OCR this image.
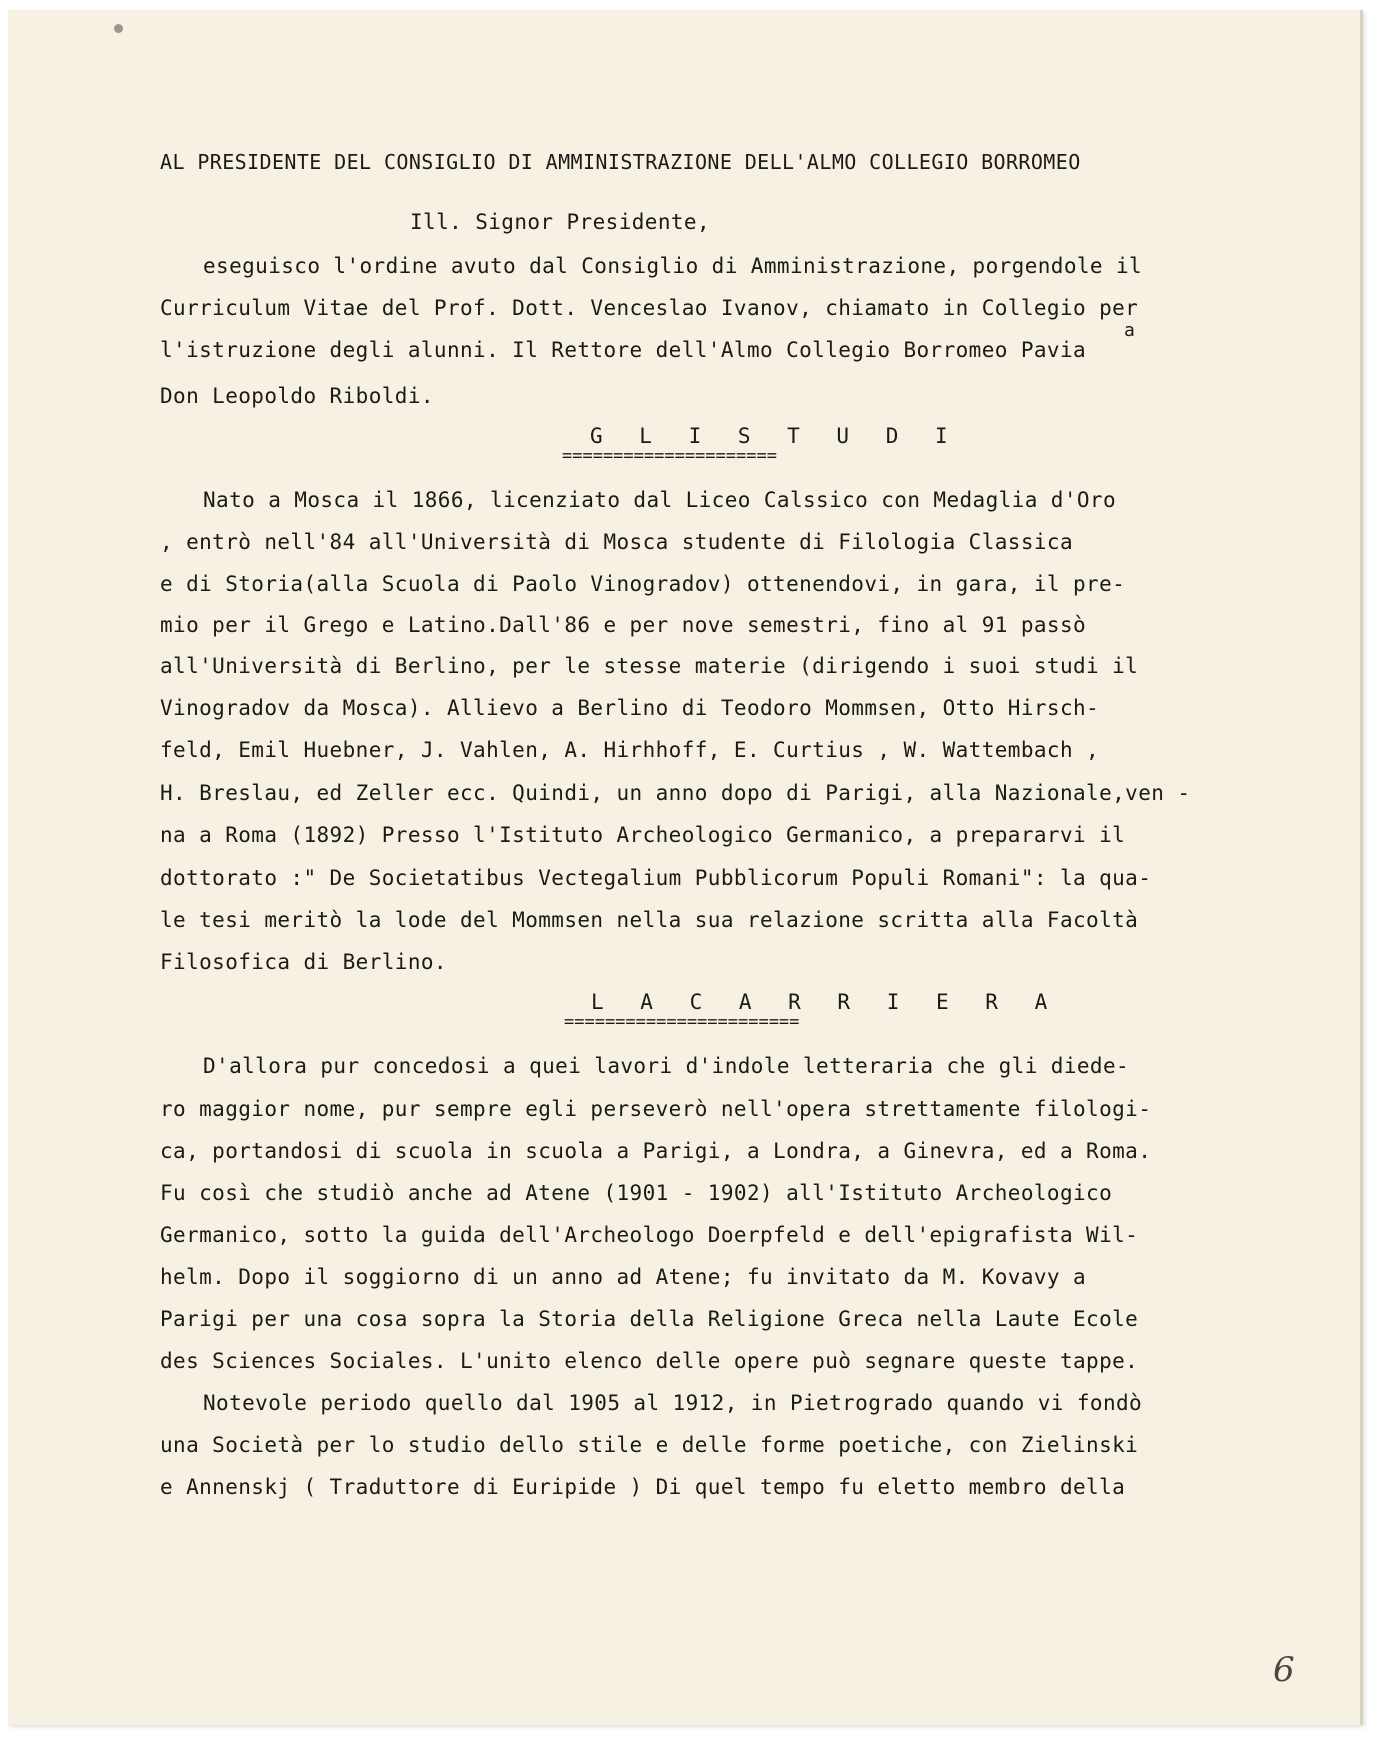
AL PRESIDENTE DEL CONSIGLIO DI AMMINISTRAZIONE DELL'ALMO COLLEGIO BORROMEO
Ill. Signor Presidente,
eseguisco l'ordine avuto dal Consiglio di Amministrazione, porgendole il
Curriculum Vitae del Prof. Dott. Venceslao Ivanov, chiamato in Collegio per
a
l'istruzione degli alunni. Il Rettore dell'Almo Collegio Borromeo Pavia
Don Leopoldo Riboldi.
G L I S T U D I
=====================
Nato a Mosca il 1866, licenziato dal Liceo Calssico con Medaglia d'Oro
, entrò nell'84 all'Università di Mosca studente di Filologia Classica
e di Storia(alla Scuola di Paolo Vinogradov) ottenendovi, in gara, il pre-
mio per il Grego e Latino.Dall'86 e per nove semestri, fino al 91 passò
all'Università di Berlino, per le stesse materie (dirigendo i suoi studi il
Vinogradov da Mosca). Allievo a Berlino di Teodoro Mommsen, Otto Hirsch-
feld, Emil Huebner, J. Vahlen, A. Hirhhoff, E. Curtius , W. Wattembach ,
H. Breslau, ed Zeller ecc. Quindi, un anno dopo di Parigi, alla Nazionale,ven -
na a Roma (1892) Presso l'Istituto Archeologico Germanico, a prepararvi il
dottorato :" De Societatibus Vectegalium Pubblicorum Populi Romani": la qua-
le tesi meritò la lode del Mommsen nella sua relazione scritta alla Facoltà
Filosofica di Berlino.
L A C A R R I E R A
=======================
D'allora pur concedosi a quei lavori d'indole letteraria che gli diede-
ro maggior nome, pur sempre egli perseverò nell'opera strettamente filologi-
ca, portandosi di scuola in scuola a Parigi, a Londra, a Ginevra, ed a Roma.
Fu così che studiò anche ad Atene (1901 - 1902) all'Istituto Archeologico
Germanico, sotto la guida dell'Archeologo Doerpfeld e dell'epigrafista Wil-
helm. Dopo il soggiorno di un anno ad Atene; fu invitato da M. Kovavy a
Parigi per una cosa sopra la Storia della Religione Greca nella Laute Ecole
des Sciences Sociales. L'unito elenco delle opere può segnare queste tappe.
Notevole periodo quello dal 1905 al 1912, in Pietrogrado quando vi fondò
una Società per lo studio dello stile e delle forme poetiche, con Zielinski
e Annenskj ( Traduttore di Euripide ) Di quel tempo fu eletto membro della
6
